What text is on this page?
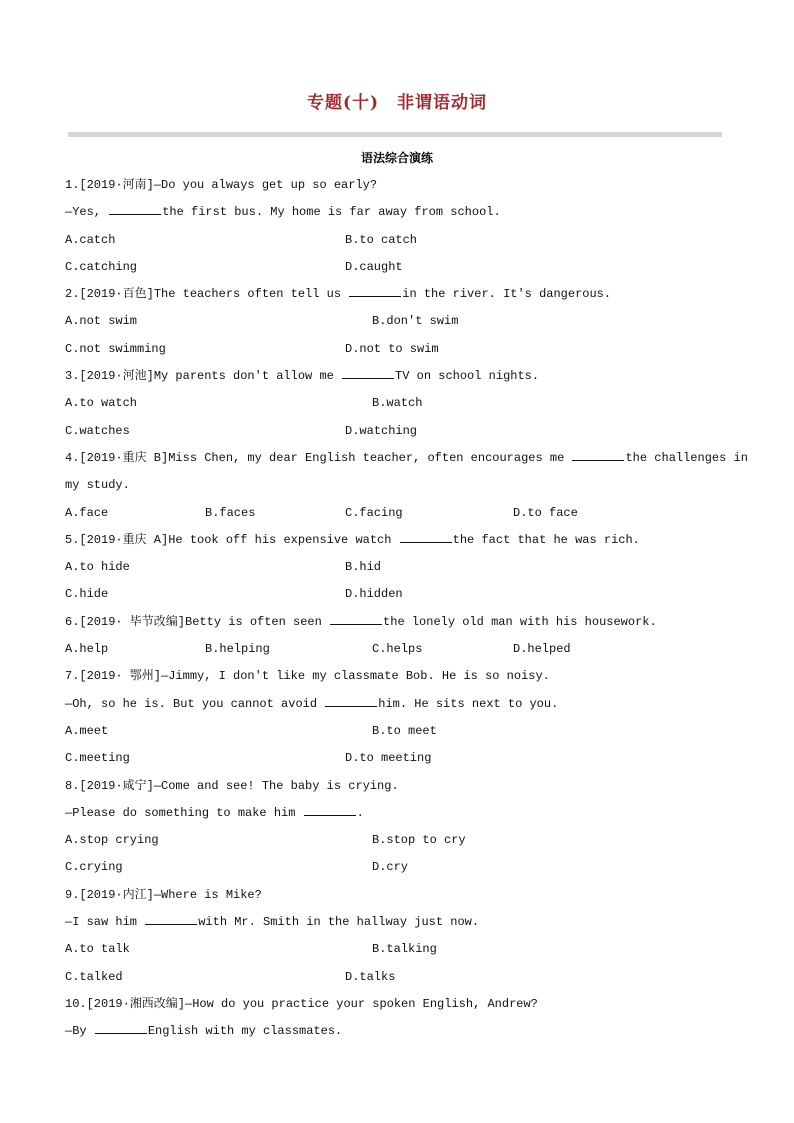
专题(十)　非谓语动词
语法综合演练
1.[2019·河南]—Do you always get up so early?
—Yes,	the first bus. My home is far away from school.
A.catch	B.to catch
C.catching	D.caught
2.[2019·百色]The teachers often tell us	in the river. It's dangerous.
A.not swim	B.don't swim
C.not swimming	D.not to swim
3.[2019·河池]My parents don't allow me	TV on school nights.
A.to watch	B.watch
C.watches	D.watching
4.[2019·重庆 B]Miss Chen, my dear English teacher, often encourages me	the challenges in
my study.
A.face	B.faces	C.facing	D.to face
5.[2019·重庆 A]He took off his expensive watch	the fact that he was rich.
A.to hide	B.hid
C.hide	D.hidden
6.[2019· 毕节改编]Betty is often seen	the lonely old man with his housework.
A.help	B.helping	C.helps	D.helped
7.[2019· 鄂州]—Jimmy, I don't like my classmate Bob. He is so noisy.
—Oh, so he is. But you cannot avoid	him. He sits next to you.
A.meet	B.to meet
C.meeting	D.to meeting
8.[2019·咸宁]—Come and see! The baby is crying.
—Please do something to make him	.
A.stop crying	B.stop to cry
C.crying	D.cry
9.[2019·内江]—Where is Mike?
—I saw him	with Mr. Smith in the hallway just now.
A.to talk	B.talking
C.talked	D.talks
10.[2019·湘西改编]—How do you practice your spoken English, Andrew?
—By	English with my classmates.
